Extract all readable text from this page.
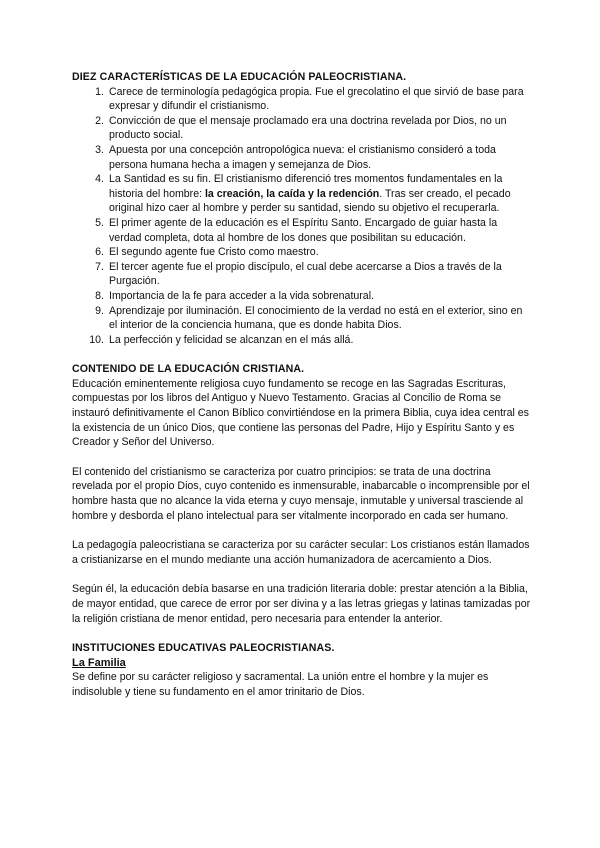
DIEZ CARACTERÍSTICAS DE LA EDUCACIÓN PALEOCRISTIANA.

1. Carece de terminología pedagógica propia. Fue el grecolatino el que sirvió de base para expresar y difundir el cristianismo.
2. Convicción de que el mensaje proclamado era una doctrina revelada por Dios, no un producto social.
3. Apuesta por una concepción antropológica nueva: el cristianismo consideró a toda persona humana hecha a imagen y semejanza de Dios.
4. La Santidad es su fin. El cristianismo diferenció tres momentos fundamentales en la historia del hombre: la creación, la caída y la redención. Tras ser creado, el pecado original hizo caer al hombre y perder su santidad, siendo su objetivo el recuperarla.
5. El primer agente de la educación es el Espíritu Santo. Encargado de guiar hasta la verdad completa, dota al hombre de los dones que posibilitan su educación.
6. El segundo agente fue Cristo como maestro.
7. El tercer agente fue el propio discípulo, el cual debe acercarse a Dios a través de la Purgación.
8. Importancia de la fe para acceder a la vida sobrenatural.
9. Aprendizaje por iluminación. El conocimiento de la verdad no está en el exterior, sino en el interior de la conciencia humana, que es donde habita Dios.
10. La perfección y felicidad se alcanzan en el más allá.

CONTENIDO DE LA EDUCACIÓN CRISTIANA.

Educación eminentemente religiosa cuyo fundamento se recoge en las Sagradas Escrituras, compuestas por los libros del Antiguo y Nuevo Testamento. Gracias al Concilio de Roma se instauró definitivamente el Canon Bíblico convirtiéndose en la primera Biblia, cuya idea central es la existencia de un único Dios, que contiene las personas del Padre, Hijo y Espíritu Santo y es Creador y Señor del Universo.

El contenido del cristianismo se caracteriza por cuatro principios: se trata de una doctrina revelada por el propio Dios, cuyo contenido es inmensurable, inabarcable o incomprensible por el hombre hasta que no alcance la vida eterna y cuyo mensaje, inmutable y universal trasciende al hombre y desborda el plano intelectual para ser vitalmente incorporado en cada ser humano.

La pedagogía paleocristiana se caracteriza por su carácter secular: Los cristianos están llamados a cristianizarse en el mundo mediante una acción humanizadora de acercamiento a Dios.

Según él, la educación debía basarse en una tradición literaria doble: prestar atención a la Biblia, de mayor entidad, que carece de error por ser divina y a las letras griegas y latinas tamizadas por la religión cristiana de menor entidad, pero necesaria para entender la anterior.

INSTITUCIONES EDUCATIVAS PALEOCRISTIANAS.

La Familia

Se define por su carácter religioso y sacramental. La unión entre el hombre y la mujer es indisoluble y tiene su fundamento en el amor trinitario de Dios.
